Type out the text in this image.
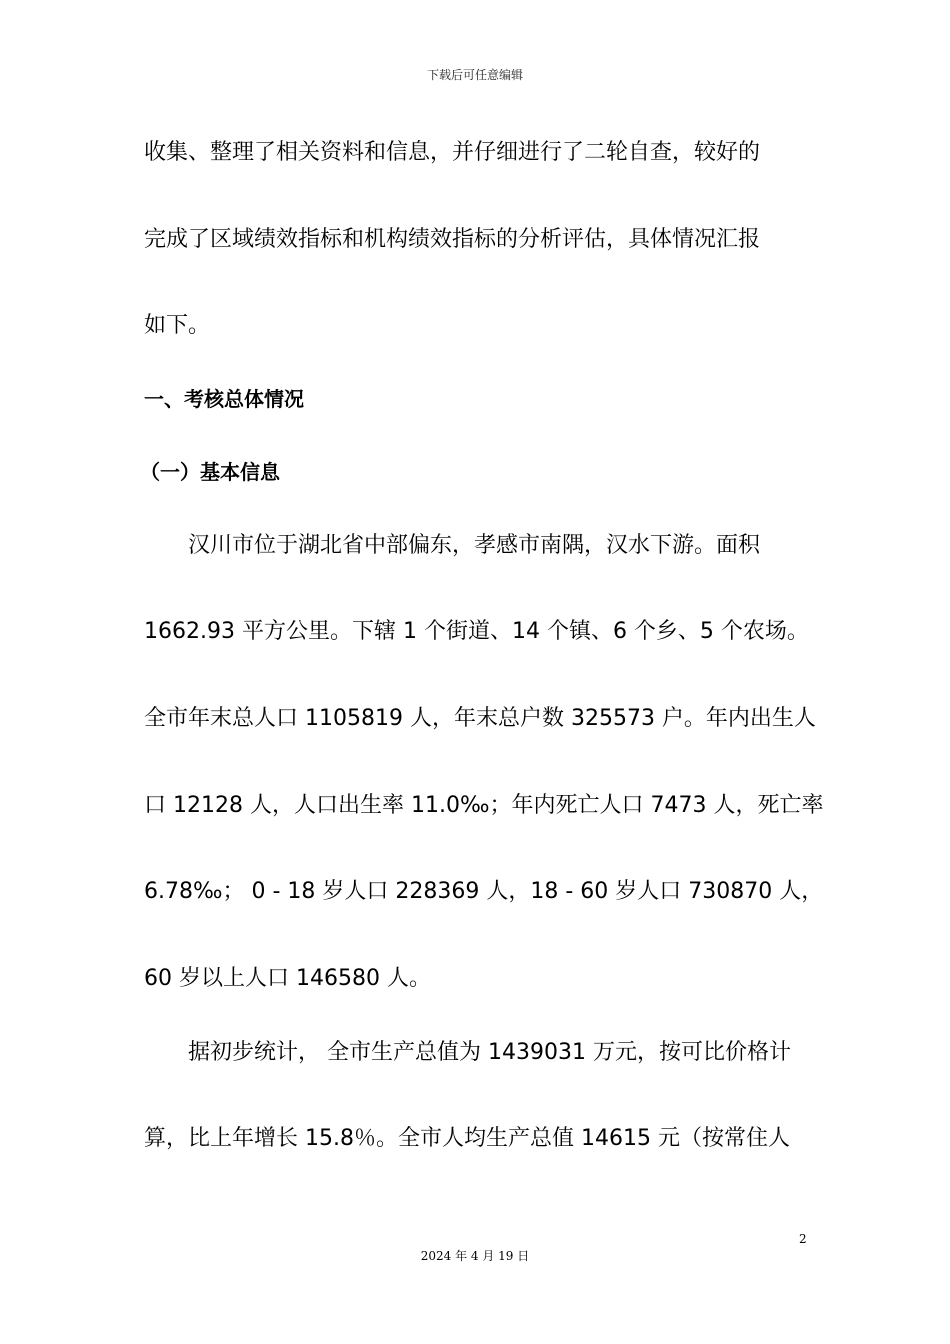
下载后可任意编辑
收集、整理了相关资料和信息，并仔细进行了二轮自查，较好的
完成了区域绩效指标和机构绩效指标的分析评估，具体情况汇报
如下。
一、考核总体情况
（一）基本信息
汉川市位于湖北省中部偏东，孝感市南隅，汉水下游。面积
1662.93 平方公里。下辖 1 个街道、14 个镇、6 个乡、5 个农场。
全市年末总人口 1105819 人，年末总户数 325573 户。年内出生人
口 12128 人，人口出生率 11.0‰；年内死亡人口 7473 人，死亡率
6.78‰； 0 - 18 岁人口 228369 人，18 - 60 岁人口 730870 人，
60 岁以上人口 146580 人。
据初步统计， 全市生产总值为 1439031 万元，按可比价格计
算，比上年增长 15.8％。全市人均生产总值 14615 元（按常住人
2
2024 年 4 月 19 日
